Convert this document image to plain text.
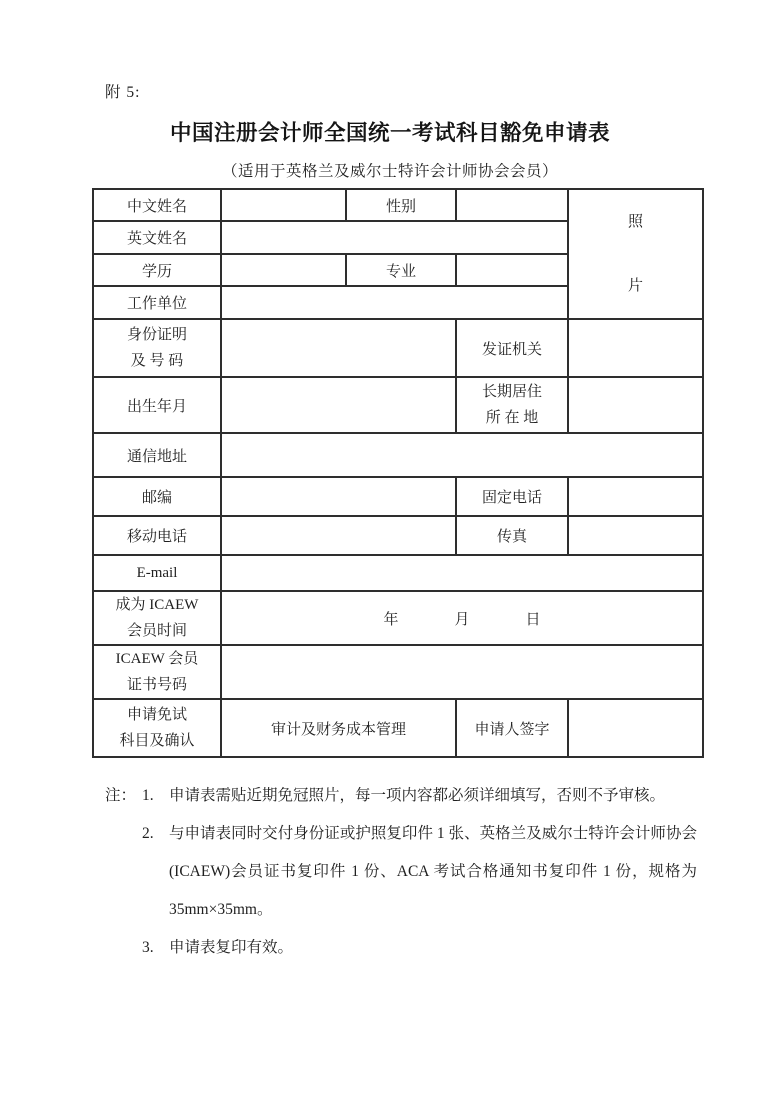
附 5:
中国注册会计师全国统一考试科目豁免申请表
（适用于英格兰及威尔士特许会计师协会会员）
中文姓名		性别		照
片

英文姓名				
学历		专业		
工作单位				

身份证明
及 号 码			发证机关	
出生年月			长期居住
所 在 地	

通信地址				
邮编			固定电话	
移动电话			传真	
E-mail				

成为 ICAEW
会员时间	年 月 日			

ICAEW 会员
证书号码				

申请免试
科目及确认	审计及财务成本管理		申请人签字	
注： 1. 申请表需贴近期免冠照片，每一项内容都必须详细填写，否则不予审核。
2. 与申请表同时交付身份证或护照复印件 1 张、英格兰及威尔士特许会计师协会(ICAEW)会员证书复印件 1 份、ACA 考试合格通知书复印件 1 份，规格为 35mm×35mm。
3. 申请表复印有效。
